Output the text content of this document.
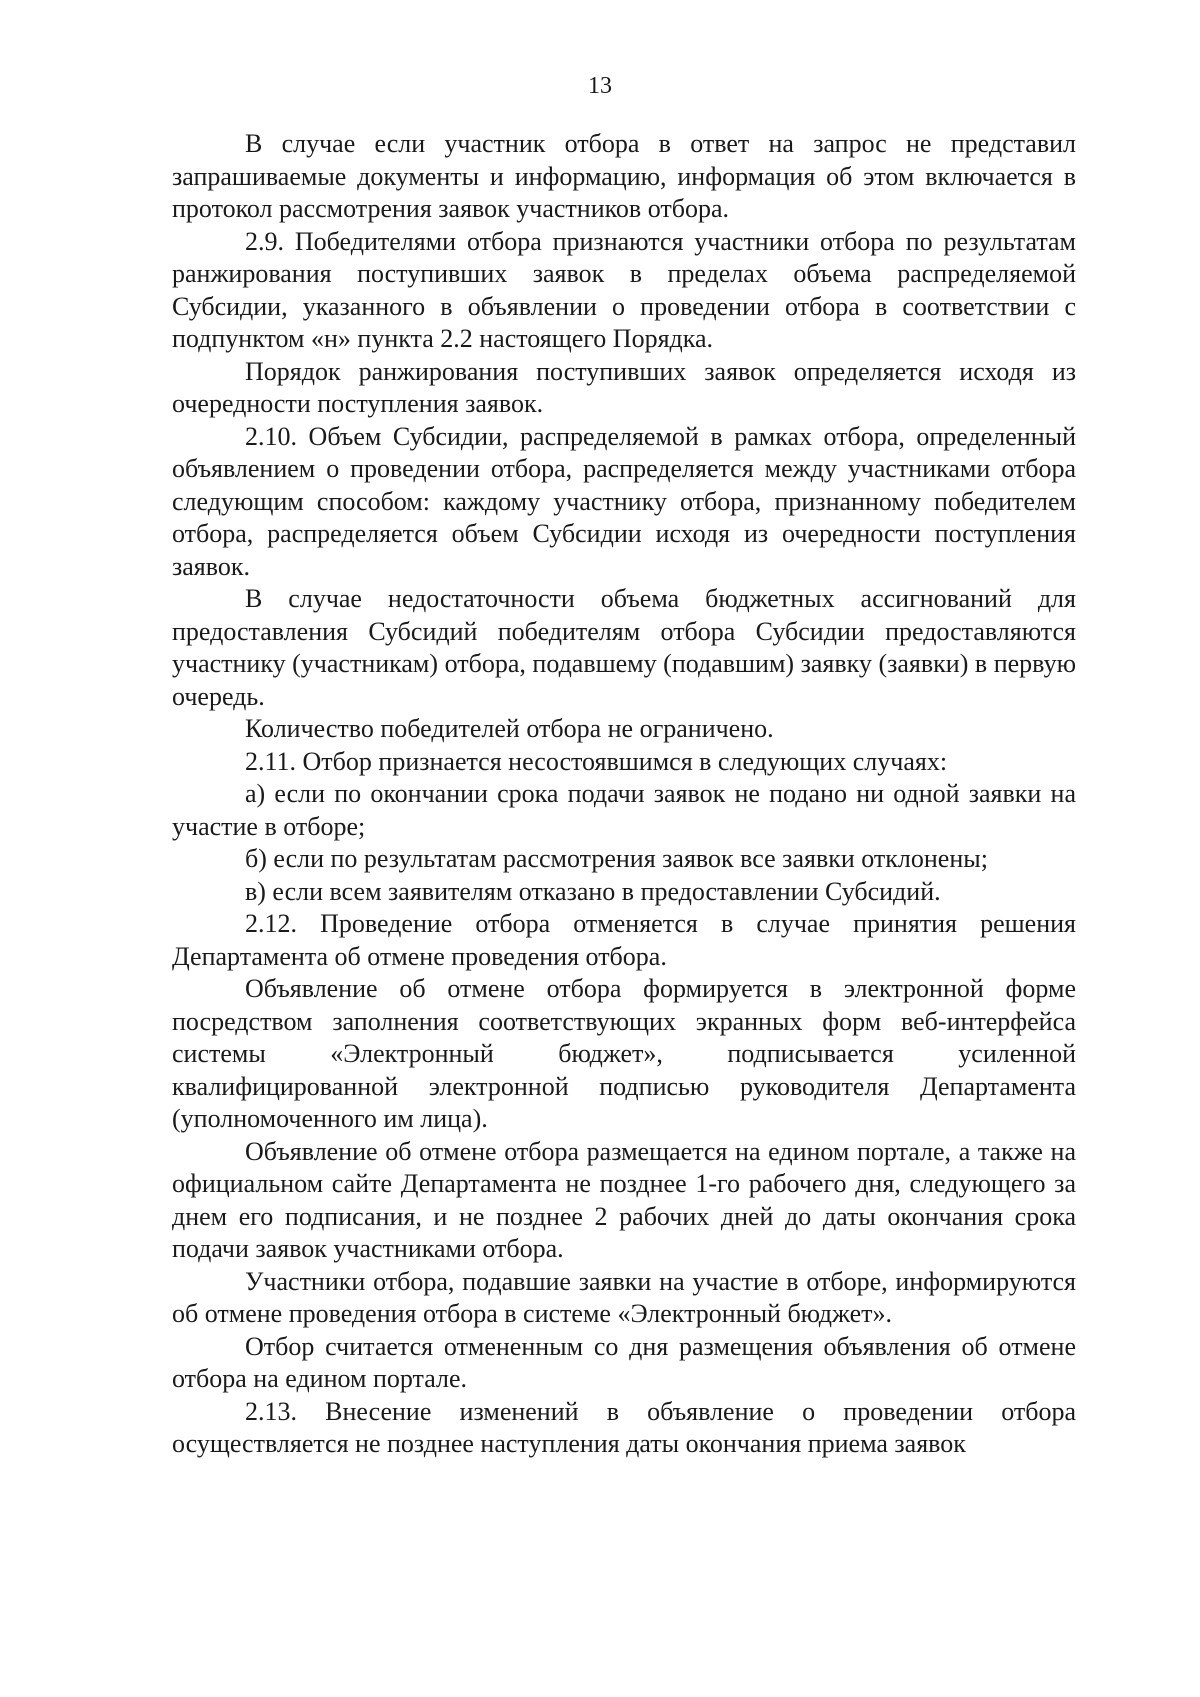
13

В случае если участник отбора в ответ на запрос не представил запрашиваемые документы и информацию, информация об этом включается в протокол рассмотрения заявок участников отбора.

2.9. Победителями отбора признаются участники отбора по результатам ранжирования поступивших заявок в пределах объема распределяемой Субсидии, указанного в объявлении о проведении отбора в соответствии с подпунктом «н» пункта 2.2 настоящего Порядка.

Порядок ранжирования поступивших заявок определяется исходя из очередности поступления заявок.

2.10. Объем Субсидии, распределяемой в рамках отбора, определенный объявлением о проведении отбора, распределяется между участниками отбора следующим способом: каждому участнику отбора, признанному победителем отбора, распределяется объем Субсидии исходя из очередности поступления заявок.

В случае недостаточности объема бюджетных ассигнований для предоставления Субсидий победителям отбора Субсидии предоставляются участнику (участникам) отбора, подавшему (подавшим) заявку (заявки) в первую очередь.

Количество победителей отбора не ограничено.

2.11. Отбор признается несостоявшимся в следующих случаях:

а) если по окончании срока подачи заявок не подано ни одной заявки на участие в отборе;

б) если по результатам рассмотрения заявок все заявки отклонены;

в) если всем заявителям отказано в предоставлении Субсидий.

2.12. Проведение отбора отменяется в случае принятия решения Департамента об отмене проведения отбора.

Объявление об отмене отбора формируется в электронной форме посредством заполнения соответствующих экранных форм веб-интерфейса системы «Электронный бюджет», подписывается усиленной квалифицированной электронной подписью руководителя Департамента (уполномоченного им лица).

Объявление об отмене отбора размещается на едином портале, а также на официальном сайте Департамента не позднее 1-го рабочего дня, следующего за днем его подписания, и не позднее 2 рабочих дней до даты окончания срока подачи заявок участниками отбора.

Участники отбора, подавшие заявки на участие в отборе, информируются об отмене проведения отбора в системе «Электронный бюджет».

Отбор считается отмененным со дня размещения объявления об отмене отбора на едином портале.

2.13. Внесение изменений в объявление о проведении отбора осуществляется не позднее наступления даты окончания приема заявок
